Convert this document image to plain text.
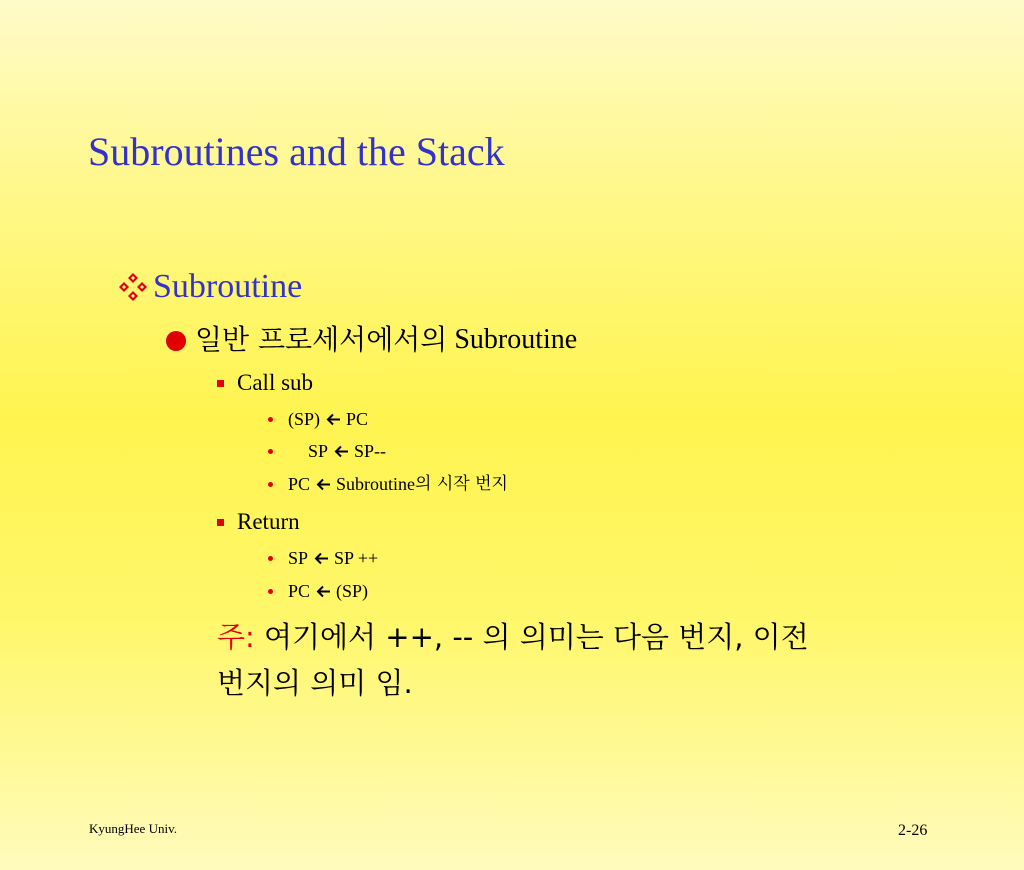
Subroutines and the Stack
Subroutine
일반 프로세서에서의 Subroutine
Call sub
(SP) PC
SP SP--
PC Subroutine 의 시작 번지
Return
SP SP ++
PC (SP)
주: 여기에서 ++, -- 의 의미는 다음 번지, 이전
번지의 의미 임.
KyungHee Univ.	2-26
